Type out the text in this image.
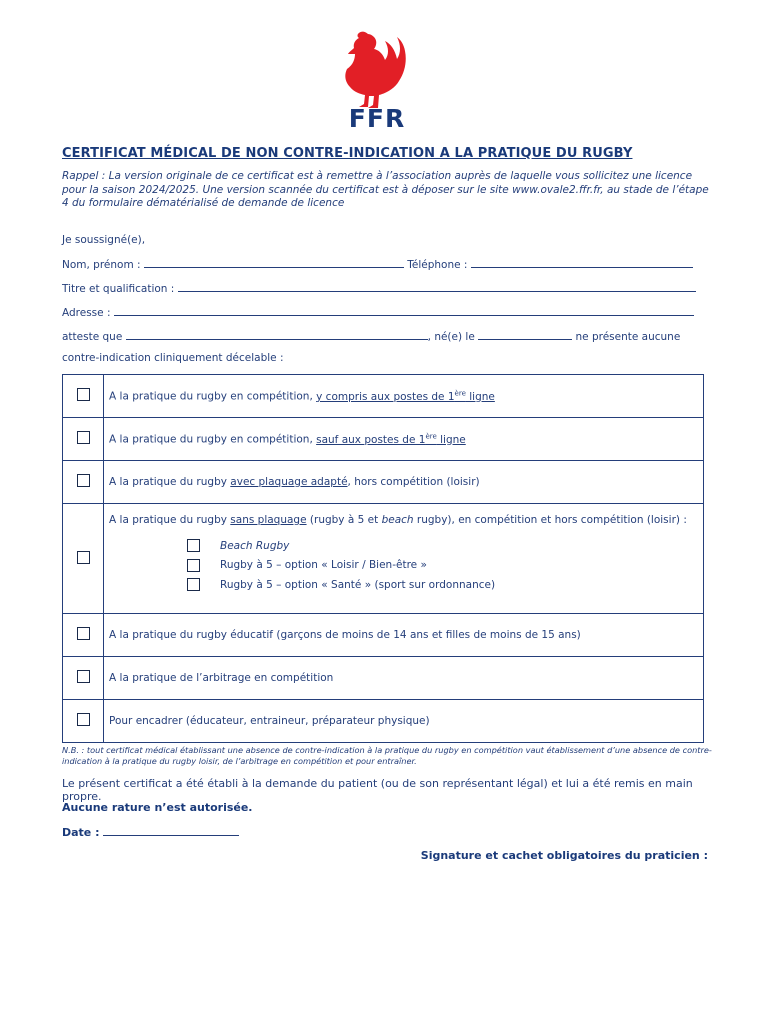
FFR
CERTIFICAT MÉDICAL DE NON CONTRE-INDICATION A LA PRATIQUE DU RUGBY
Rappel : La version originale de ce certificat est à remettre à l’association auprès de laquelle vous sollicitez une licence pour la saison 2024/2025. Une version scannée du certificat est à déposer sur le site www.ovale2.ffr.fr, au stade de l’étape 4 du formulaire dématérialisé de demande de licence
Je soussigné(e),
Nom, prénom :	Téléphone :
Titre et qualification :
Adresse :
atteste que	, né(e) le	ne présente aucune
contre-indication cliniquement décelable :
	A la pratique du rugby en compétition, y compris aux postes de 1ère ligne
	A la pratique du rugby en compétition, sauf aux postes de 1ère ligne
	A la pratique du rugby avec plaquage adapté, hors compétition (loisir)
	A la pratique du rugby sans plaquage (rugby à 5 et beach rugby), en compétition et hors compétition (loisir) :
Beach Rugby
Rugby à 5 – option « Loisir / Bien-être »
Rugby à 5 – option « Santé » (sport sur ordonnance)

	A la pratique du rugby éducatif (garçons de moins de 14 ans et filles de moins de 15 ans)
	A la pratique de l’arbitrage en compétition
	Pour encadrer (éducateur, entraineur, préparateur physique)
N.B. : tout certificat médical établissant une absence de contre-indication à la pratique du rugby en compétition vaut établissement d’une absence de contre-indication à la pratique du rugby loisir, de l’arbitrage en compétition et pour entraîner.
Le présent certificat a été établi à la demande du patient (ou de son représentant légal) et lui a été remis en main propre.
Aucune rature n’est autorisée.
Date :
Signature et cachet obligatoires du praticien :
